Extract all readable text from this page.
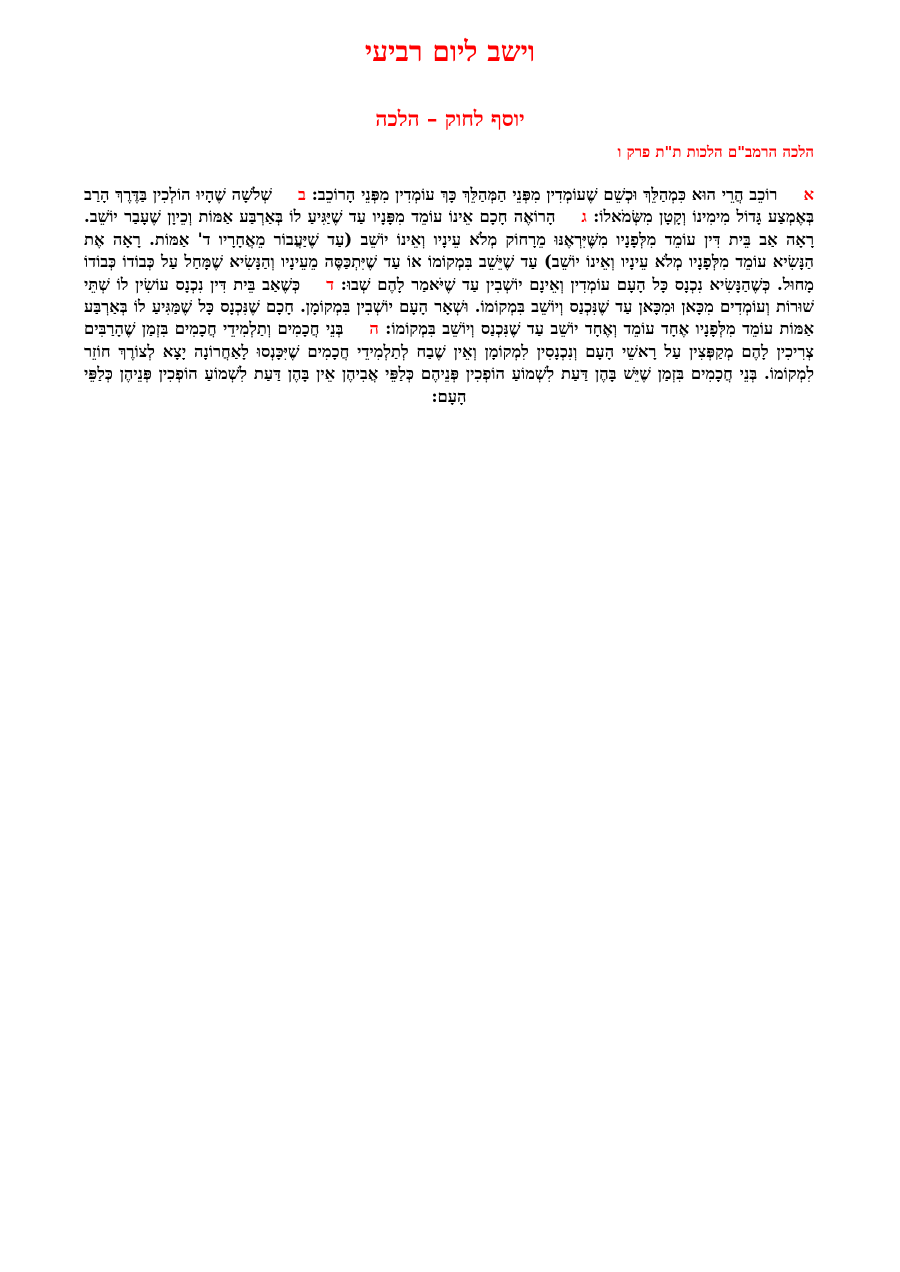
וישב ליום רביעי
יוסף לחוק – הלכה
הלכה הרמב"ם הלכות ת"ת פרק ו
ארוֹכֵב הֲרֵי הוּא כִּמְהַלֵּךְ וּכְשֵׁם שֶׁעוֹמְדִין מִפְּנֵי הַמְּהַלֵּךְ כָּךְ עוֹמְדִין מִפְּנֵי הָרוֹכֵב: בשְׁלֹשָׁה שֶׁהָיוּ הוֹלְכִין בַּדֶּרֶךְ הָרַב בְּאֶמְצַע גָּדוֹל מִימִינוֹ וְקָטָן מִשְּׂמֹאלוֹ: גהָרוֹאֶה חָכָם אֵינוֹ עוֹמֵד מִפָּנָיו עַד שֶׁיַּגִּיעַ לוֹ בְּאַרְבַּע אַמּוֹת וְכֵיוָן שֶׁעָבַר יוֹשֵׁב. רָאָה אַב בֵּית דִּין עוֹמֵד מִלְּפָנָיו מִשֶּׁיִּרְאֶנּוּ מֵרָחוֹק מְלֹא עֵינָיו וְאֵינוֹ יוֹשֵׁב (עַד שֶׁיַּעֲבוֹר מֵאֲחָרָיו ד' אַמּוֹת. רָאָה אֶת הַנָּשִׂיא עוֹמֵד מִלְּפָנָיו מְלֹא עֵינָיו וְאֵינוֹ יוֹשֵׁב) עַד שֶׁיֵּשֵׁב בִּמְקוֹמוֹ אוֹ עַד שֶׁיִּתְכַּסֶּה מֵעֵינָיו וְהַנָּשִׂיא שֶׁמָּחַל עַל כְּבוֹדוֹ כְּבוֹדוֹ מָחוּל. כְּשֶׁהַנָּשִׂיא נִכְנָס כָּל הָעָם עוֹמְדִין וְאֵינָם יוֹשְׁבִין עַד שֶׁיֹּאמַר לָהֶם שְׁבוּ: דכְּשֶׁאַב בֵּית דִּין נִכְנָס עוֹשִׂין לוֹ שְׁתֵּי שׁוּרוֹת וְעוֹמְדִים מִכָּאן וּמִכָּאן עַד שֶׁנִּכְנַס וְיוֹשֵׁב בִּמְקוֹמוֹ. וּשְׁאָר הָעָם יוֹשְׁבִין בִּמְקוֹמָן. חָכָם שֶׁנִּכְנָס כָּל שֶׁמַּגִּיעַ לוֹ בְּאַרְבַּע אַמּוֹת עוֹמֵד מִלְּפָנָיו אֶחָד עוֹמֵד וְאֶחָד יוֹשֵׁב עַד שֶׁנִּכְנַס וְיוֹשֵׁב בִּמְקוֹמוֹ: הבְּנֵי חֲכָמִים וְתַלְמִידֵי חֲכָמִים בִּזְמַן שֶׁהָרַבִּים צְרִיכִין לָהֶם מְקַפְּצִין עַל רָאשֵׁי הָעָם וְנִכְנָסִין לִמְקוֹמָן וְאֵין שֶׁבַח לְתַלְמִידֵי חֲכָמִים שֶׁיִּכָּנְסוּ לָאַחֲרוֹנָה יָצָא לְצוֹרֶךְ חוֹזֵר לִמְקוֹמוֹ. בְּנֵי חֲכָמִים בִּזְמַן שֶׁיֵּשׁ בָּהֶן דַּעַת לִשְׁמוֹעַ הוֹפְכִין פְּנֵיהֶם כְּלַפֵּי אֲבִיהֶן אֵין בָּהֶן דַּעַת לִשְׁמוֹעַ הוֹפְכִין פְּנֵיהֶן כְּלַפֵּי הָעָם:
